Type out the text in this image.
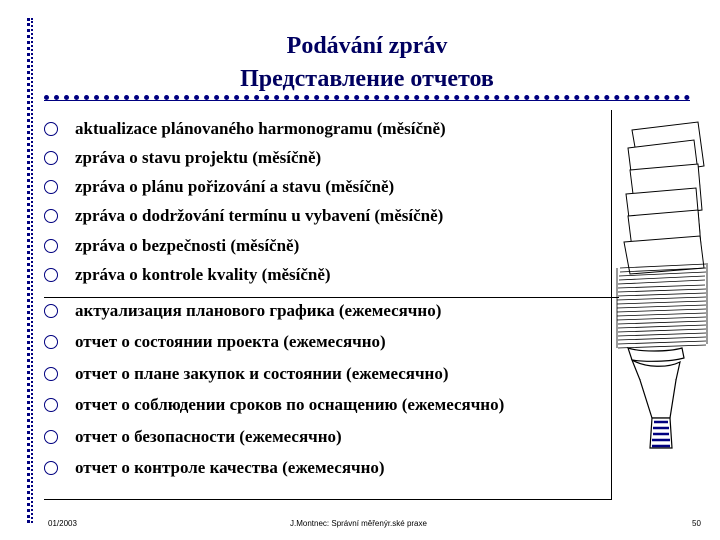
Podávání zpráv
Представление отчетов
aktualizace plánovaného harmonogramu (měsíčně)
zpráva o stavu projektu (měsíčně)
zpráva o plánu pořizování a stavu (měsíčně)
zpráva o dodržování termínu u vybavení (měsíčně)
zpráva o bezpečnosti (měsíčně)
zpráva o kontrole kvality (měsíčně)
актуализация планового графика (ежемесячно)
отчет о состоянии проекта (ежемесячно)
отчет о плане закупок и состоянии (ежемесячно)
отчет о соблюдении сроков по оснащению (ежемесячно)
отчет о безопасности (ежемесячно)
отчет о контроле качества (ежемесячно)
01/2003	J.Montnec: Správní měřenýr.ské praxe	50
